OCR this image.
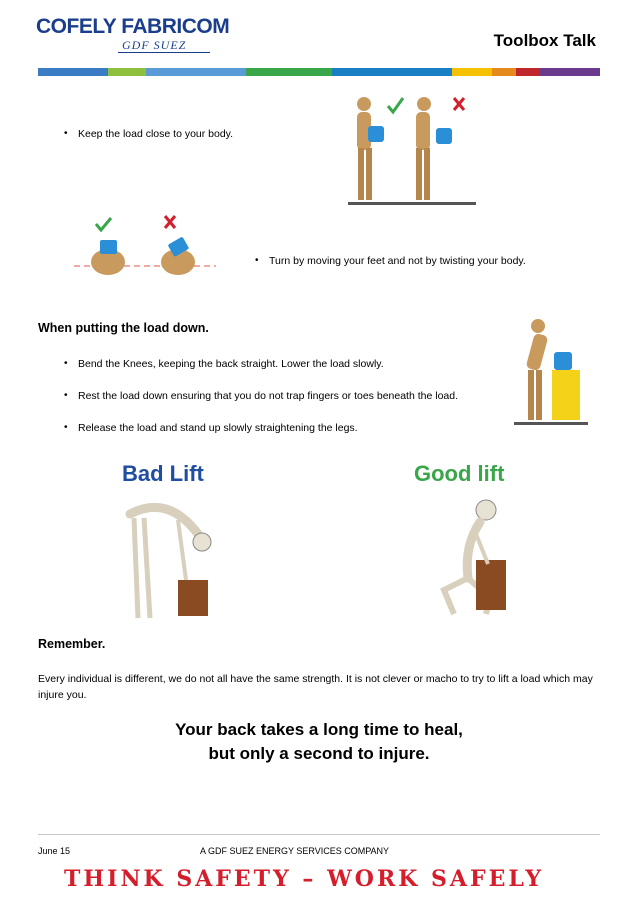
COFELY FABRICOM
GDF SUEZ	Toolbox Talk
• Keep the load close to your body.
• Turn by moving your feet and not by twisting your body.
When putting the load down.
• Bend the Knees, keeping the back straight. Lower the load slowly.
• Rest the load down ensuring that you do not trap fingers or toes beneath the load.
• Release the load and stand up slowly straightening the legs.
Bad Lift	Good lift
Remember.
Every individual is different, we do not all have the same strength. It is not clever or macho to try to lift a load which may injure you.
Your back takes a long time to heal,
but only a second to injure.
June 15	A GDF SUEZ ENERGY SERVICES COMPANY
THINK SAFETY – WORK SAFELY
